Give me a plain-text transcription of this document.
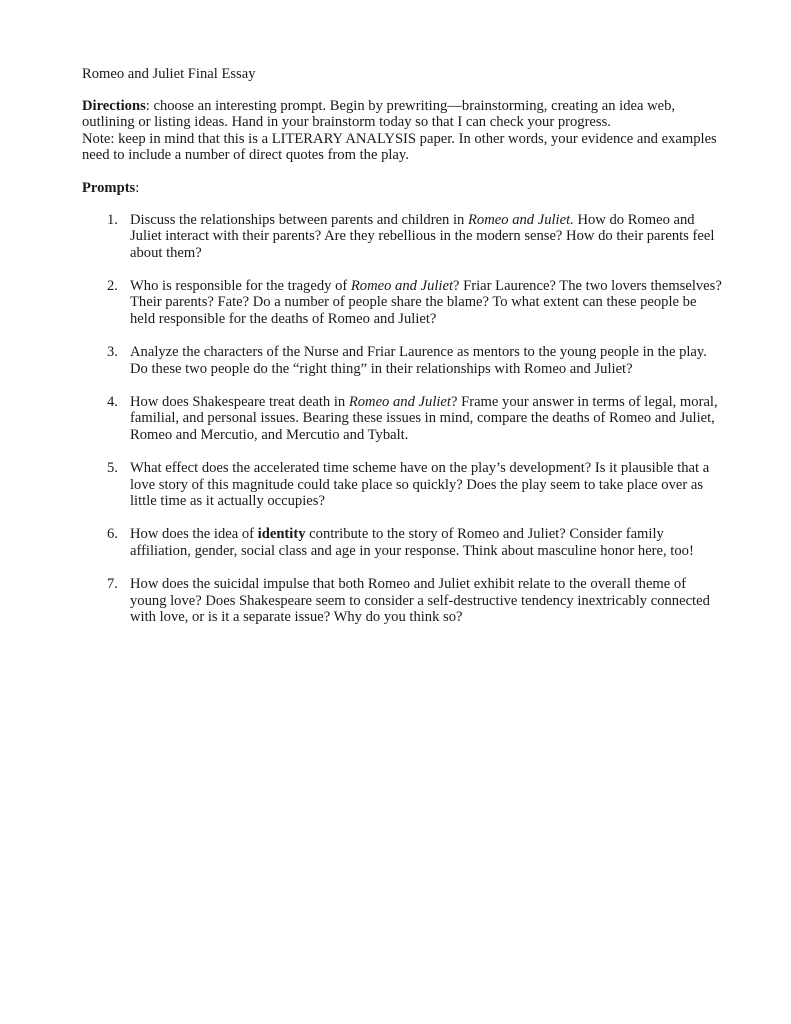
Romeo and Juliet Final Essay

Directions: choose an interesting prompt. Begin by prewriting—brainstorming, creating an idea web, outlining or listing ideas. Hand in your brainstorm today so that I can check your progress.

Note: keep in mind that this is a LITERARY ANALYSIS paper. In other words, your evidence and examples need to include a number of direct quotes from the play.

Prompts:

1. Discuss the relationships between parents and children in Romeo and Juliet. How do Romeo and Juliet interact with their parents? Are they rebellious in the modern sense? How do their parents feel about them?
2. Who is responsible for the tragedy of Romeo and Juliet? Friar Laurence? The two lovers themselves? Their parents? Fate? Do a number of people share the blame? To what extent can these people be held responsible for the deaths of Romeo and Juliet?
3. Analyze the characters of the Nurse and Friar Laurence as mentors to the young people in the play. Do these two people do the “right thing” in their relationships with Romeo and Juliet?
4. How does Shakespeare treat death in Romeo and Juliet? Frame your answer in terms of legal, moral, familial, and personal issues. Bearing these issues in mind, compare the deaths of Romeo and Juliet, Romeo and Mercutio, and Mercutio and Tybalt.
5. What effect does the accelerated time scheme have on the play’s development? Is it plausible that a love story of this magnitude could take place so quickly? Does the play seem to take place over as little time as it actually occupies?
6. How does the idea of identity contribute to the story of Romeo and Juliet? Consider family affiliation, gender, social class and age in your response. Think about masculine honor here, too!
7. How does the suicidal impulse that both Romeo and Juliet exhibit relate to the overall theme of young love? Does Shakespeare seem to consider a self-destructive tendency inextricably connected with love, or is it a separate issue? Why do you think so?
